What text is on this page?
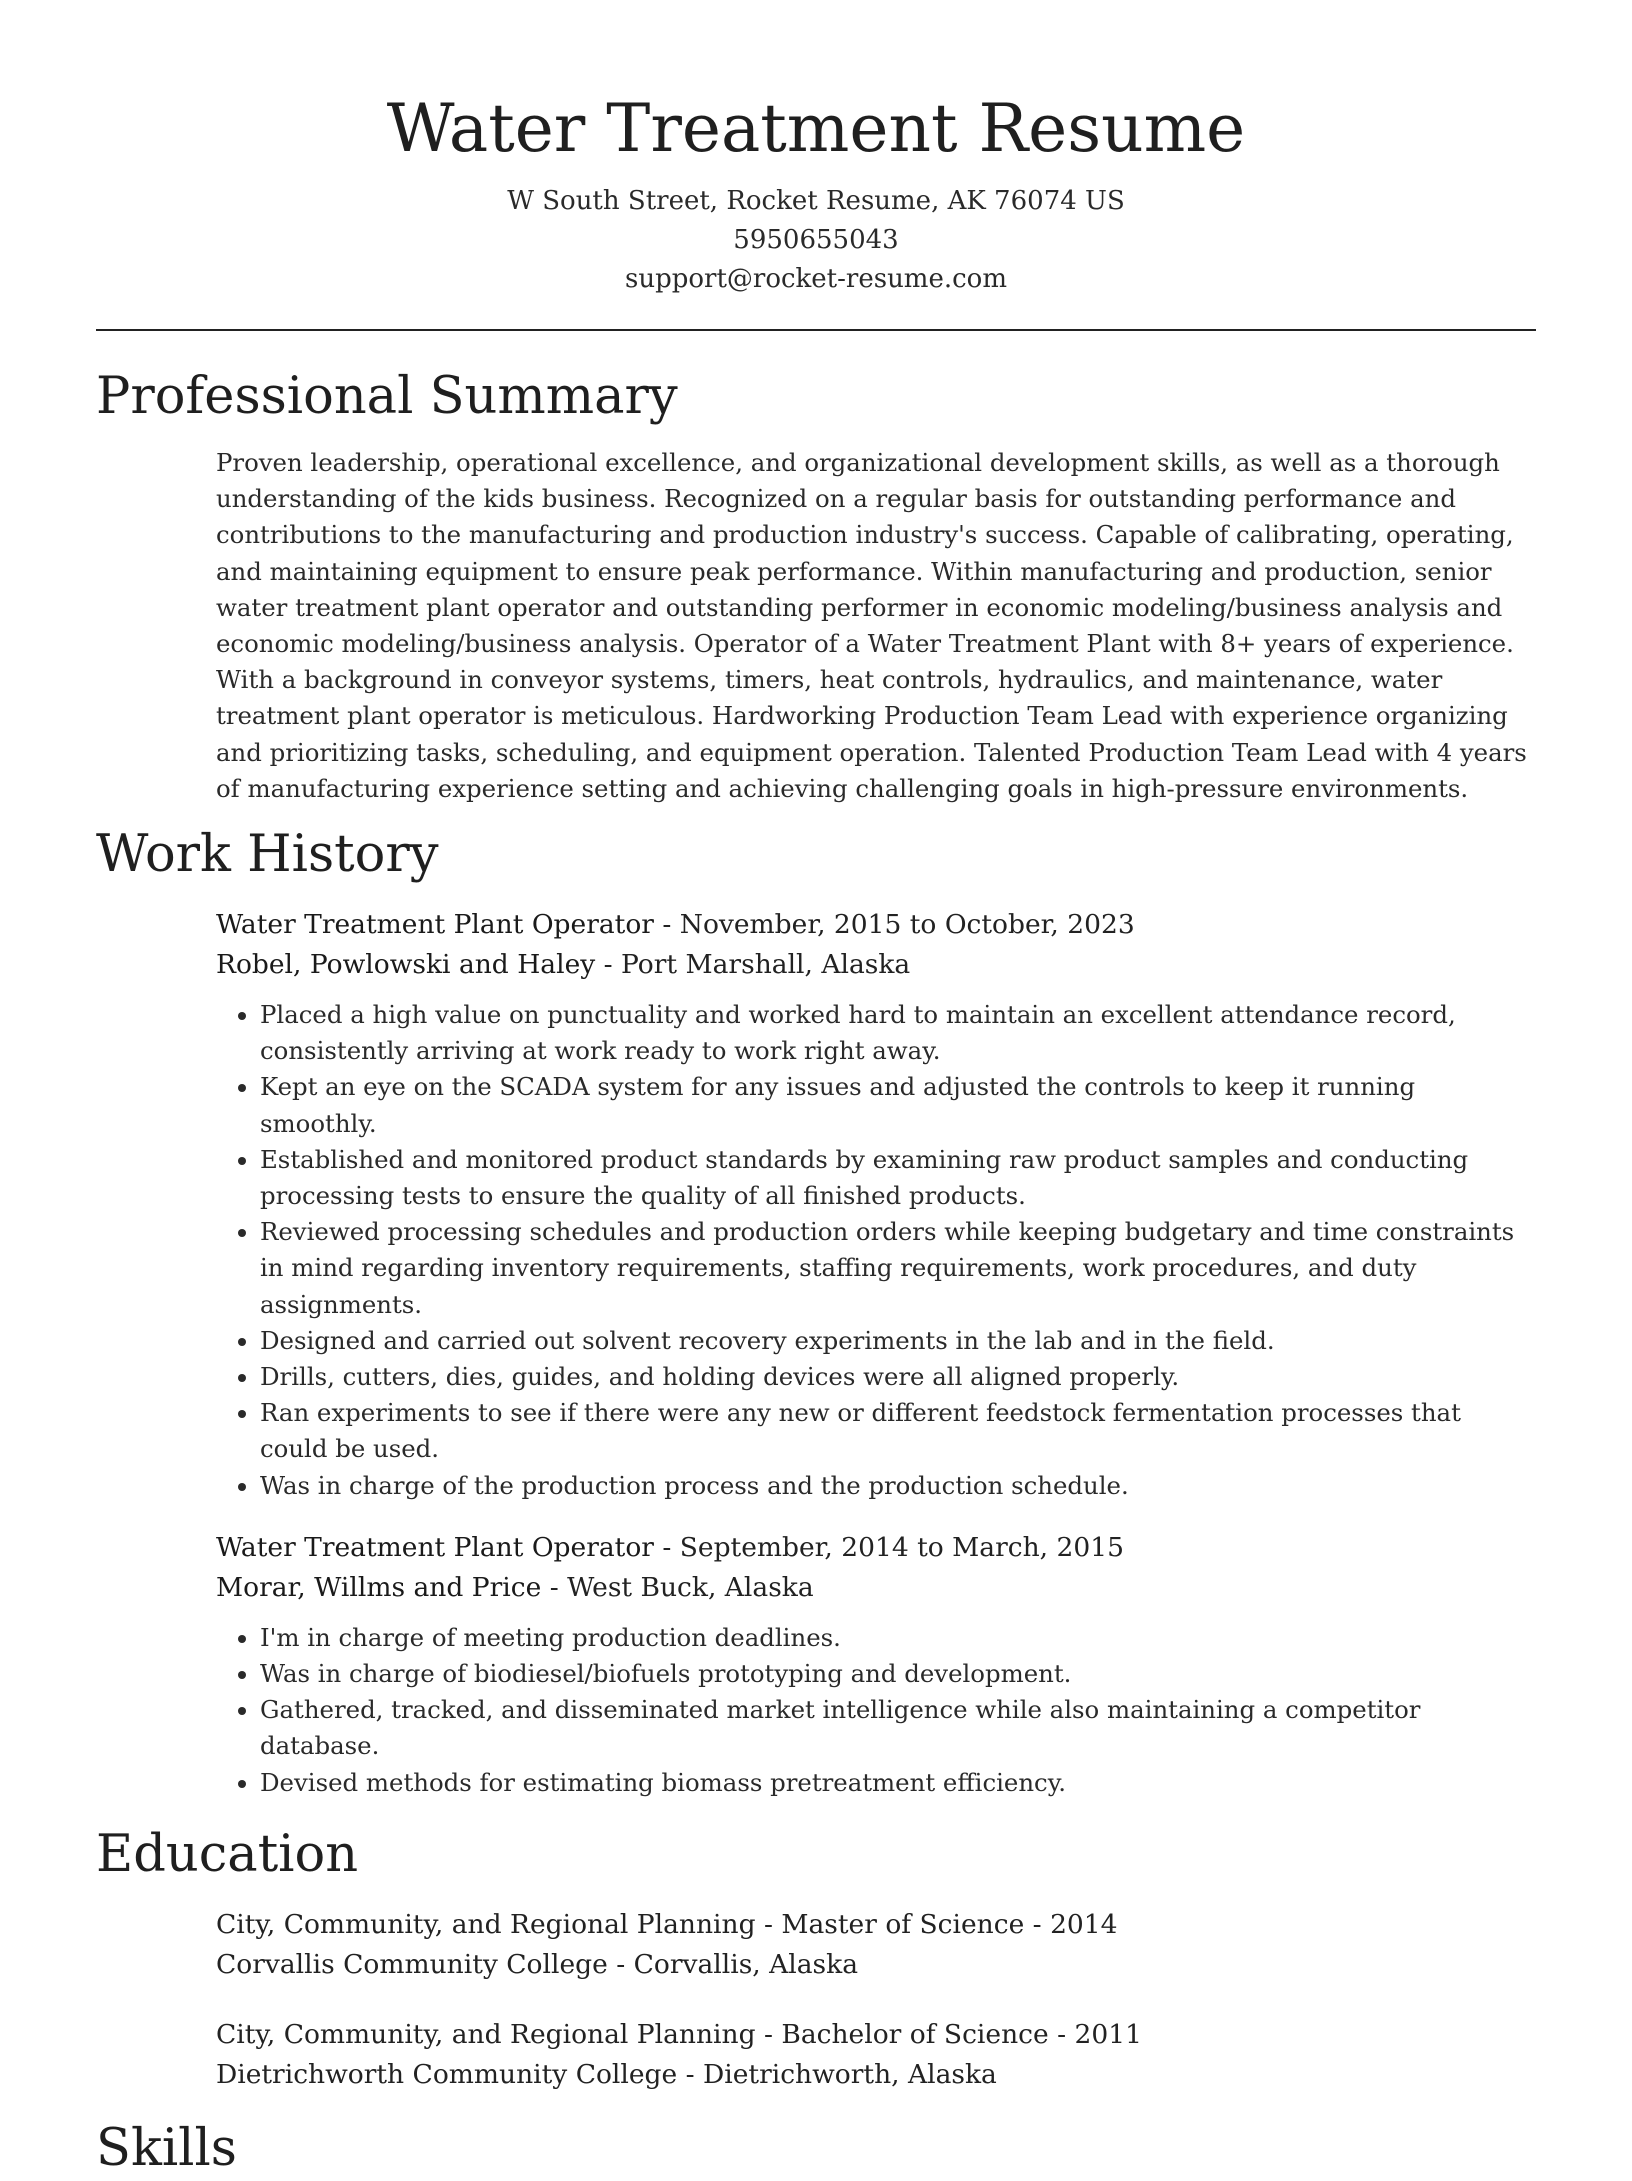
Water Treatment Resume
W South Street, Rocket Resume, AK 76074 US
5950655043
support@rocket-resume.com
Professional Summary

Proven leadership, operational excellence, and organizational development skills, as well as a thorough understanding of the kids business. Recognized on a regular basis for outstanding performance and contributions to the manufacturing and production industry's success. Capable of calibrating, operating, and maintaining equipment to ensure peak performance. Within manufacturing and production, senior water treatment plant operator and outstanding performer in economic modeling/business analysis and economic modeling/business analysis. Operator of a Water Treatment Plant with 8+ years of experience. With a background in conveyor systems, timers, heat controls, hydraulics, and maintenance, water treatment plant operator is meticulous. Hardworking Production Team Lead with experience organizing and prioritizing tasks, scheduling, and equipment operation. Talented Production Team Lead with 4 years of manufacturing experience setting and achieving challenging goals in high-pressure environments.

Work History
Water Treatment Plant Operator - November, 2015 to October, 2023
Robel, Powlowski and Haley - Port Marshall, Alaska
• Placed a high value on punctuality and worked hard to maintain an excellent attendance record, consistently arriving at work ready to work right away.
• Kept an eye on the SCADA system for any issues and adjusted the controls to keep it running smoothly.
• Established and monitored product standards by examining raw product samples and conducting processing tests to ensure the quality of all finished products.
• Reviewed processing schedules and production orders while keeping budgetary and time constraints in mind regarding inventory requirements, staffing requirements, work procedures, and duty assignments.
• Designed and carried out solvent recovery experiments in the lab and in the field.
• Drills, cutters, dies, guides, and holding devices were all aligned properly.
• Ran experiments to see if there were any new or different feedstock fermentation processes that could be used.
• Was in charge of the production process and the production schedule.
Water Treatment Plant Operator - September, 2014 to March, 2015
Morar, Willms and Price - West Buck, Alaska
• I'm in charge of meeting production deadlines.
• Was in charge of biodiesel/biofuels prototyping and development.
• Gathered, tracked, and disseminated market intelligence while also maintaining a competitor database.
• Devised methods for estimating biomass pretreatment efficiency.
Education
City, Community, and Regional Planning - Master of Science - 2014
Corvallis Community College - Corvallis, Alaska
City, Community, and Regional Planning - Bachelor of Science - 2011
Dietrichworth Community College - Dietrichworth, Alaska
Skills
